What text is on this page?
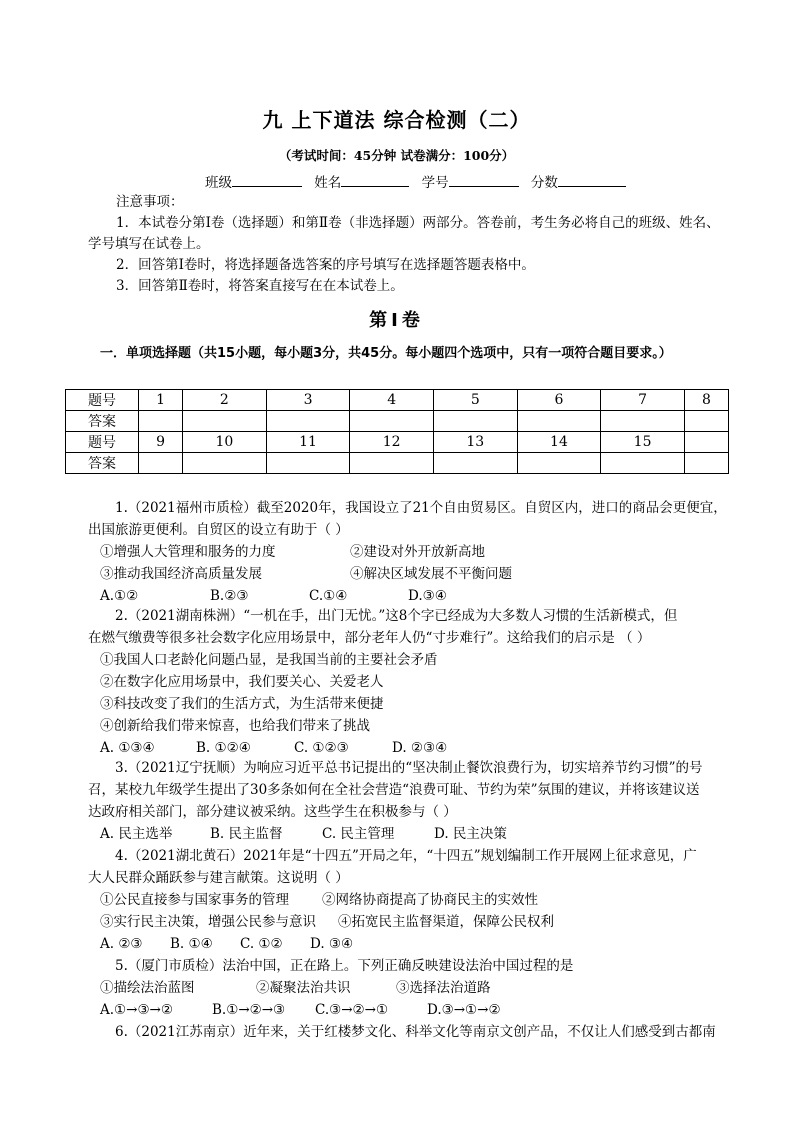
九 上下道法 综合检测（二）
（考试时间：45分钟 试卷满分：100分）
班级	姓名	学号	分数
注意事项：

1．本试卷分第Ⅰ卷（选择题）和第Ⅱ卷（非选择题）两部分。答卷前，考生务必将自己的班级、姓名、

学号填写在试卷上。

2．回答第Ⅰ卷时，将选择题备选答案的序号填写在选择题答题表格中。

3．回答第Ⅱ卷时，将答案直接写在在本试卷上。

第Ⅰ卷
一．单项选择题（共15小题，每小题3分，共45分。每小题四个选项中，只有一项符合题目要求。）
题号	1	2	3	4	5	6	7	8
答案								
题号	9	10	11	12	13	14	15	
答案								

1.（2021福州市质检）截至2020年，我国设立了21个自由贸易区。自贸区内，进口的商品会更便宜，

出国旅游更便利。自贸区的设立有助于（ ）

①增强人大管理和服务的力度	②建设对外开放新高地

③推动我国经济高质量发展	④解决区域发展不平衡问题

A.①②	B.②③	C.①④	D.③④

2.（2021湖南株洲）“一机在手，出门无忧。”这8个字已经成为大多数人习惯的生活新模式，但

在燃气缴费等很多社会数字化应用场景中，部分老年人仍“寸步难行”。这给我们的启示是 （ ）

①我国人口老龄化问题凸显，是我国当前的主要社会矛盾

②在数字化应用场景中，我们要关心、关爱老人

③科技改变了我们的生活方式，为生活带来便捷

④创新给我们带来惊喜，也给我们带来了挑战

A. ①③④	B. ①②④	C. ①②③	D. ②③④

3.（2021辽宁抚顺）为响应习近平总书记提出的“坚决制止餐饮浪费行为，切实培养节约习惯”的号

召，某校九年级学生提出了30多条如何在全社会营造“浪费可耻、节约为荣”氛围的建议，并将该建议送

达政府相关部门，部分建议被采纳。这些学生在积极参与（ ）

A. 民主选举	B. 民主监督	C. 民主管理	D. 民主决策

4.（2021湖北黄石）2021年是“十四五”开局之年，“十四五”规划编制工作开展网上征求意见，广

大人民群众踊跃参与建言献策。这说明（ ）

①公民直接参与国家事务的管理 ②网络协商提高了协商民主的实效性

③实行民主决策，增强公民参与意识 ④拓宽民主监督渠道，保障公民权利

A. ②③ B. ①④ C. ①② D. ③④

5.（厦门市质检）法治中国，正在路上。下列正确反映建设法治中国过程的是

①描绘法治蓝图	②凝聚法治共识	③选择法治道路

A.①→③→②	B.①→②→③ C.③→②→①	D.③→①→②

6.（2021江苏南京）近年来，关于红楼梦文化、科举文化等南京文创产品，不仅让人们感受到古都南
